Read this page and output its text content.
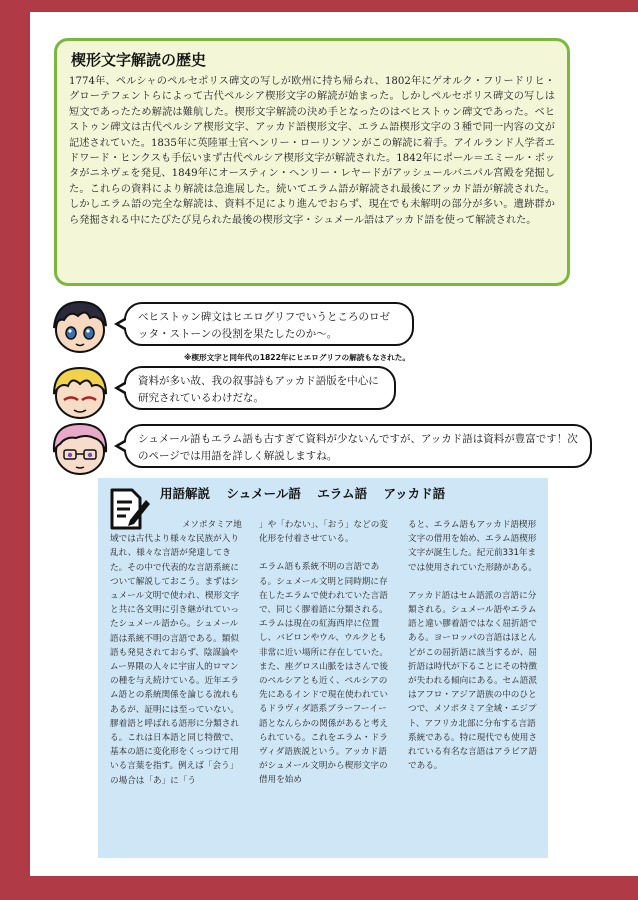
楔形文字解読の歴史
1774年、ペルシャのペルセポリス碑文の写しが欧州に持ち帰られ、1802年にゲオルク・フリードリヒ・グローテフェントらによって古代ペルシア楔形文字の解読が始まった。しかしペルセポリス碑文の写しは短文であったため解読は難航した。楔形文字解読の決め手となったのはベヒストゥン碑文であった。ベヒストゥン碑文は古代ペルシア楔形文字、アッカド語楔形文字、エラム語楔形文字の３種で同一内容の文が記述されていた。1835年に英陸軍士官ヘンリー・ローリンソンがこの解読に着手。アイルランド人学者エドワード・ヒンクスも手伝いまず古代ペルシア楔形文字が解読された。1842年にポール＝エミール・ボッタがニネヴェを発見、1849年にオースティン・ヘンリー・レヤードがアッシュールバニパル宮殿を発掘した。これらの資料により解読は急進展した。続いてエラム語が解読され最後にアッカド語が解読された。しかしエラム語の完全な解読は、資料不足により進んでおらず、現在でも未解明の部分が多い。遺跡群から発掘される中にたびたび見られた最後の楔形文字・シュメール語はアッカド語を使って解読された。
ベヒストゥン碑文はヒエログリフでいうところのロゼッタ・ストーンの役割を果たしたのか～。
※楔形文字と同年代の1822年にヒエログリフの解読もなされた。
資料が多い故、我の叙事詩もアッカド語版を中心に研究されているわけだな。
シュメール語もエラム語も古すぎて資料が少ないんですが、アッカド語は資料が豊富です！次のページでは用語を詳しく解説しますね。
用語解説 シュメール語 エラム語 アッカド語

メソポタミア地域では古代より様々な民族が入り乱れ、様々な言語が発達してきた。その中で代表的な言語系統について解説しておこう。まずはシュメール文明で使われ、楔形文字と共に各文明に引き継がれていったシュメール語から。シュメール語は系統不明の言語である。類似語も発見されておらず、陰謀論やムー界隈の人々に宇宙人的ロマンの種を与え続けている。近年エラム語との系統関係を論じる流れもあるが、証明には至っていない。膠着語と呼ばれる語形に分類される。これは日本語と同じ特徴で、基本の語に変化形をくっつけて用いる言葉を指す。例えば「会う」の場合は「あ」に「う

」や「わない」、「おう」などの変化形を付着させている。

エラム語も系統不明の言語である。シュメール文明と同時期に存在したエラムで使われていた言語で、同じく膠着語に分類される。エラムは現在の紅海西岸に位置し、バビロンやウル、ウルクとも非常に近い場所に存在していた。また、座グロス山脈をはさんで後のペルシアとも近く、ペルシアの先にあるインドで現在使われているドラヴィダ語系ブラーフーイー語となんらかの関係があると考えられている。これをエラム・ドラヴィダ語族説という。アッカド語がシュメール文明から楔形文字の借用を始め

ると、エラム語もアッカド語楔形文字の借用を始め、エラム語楔形文字が誕生した。紀元前331年までは使用されていた形跡がある。

アッカド語はセム語派の言語に分類される。シュメール語やエラム語と違い膠着語ではなく屈折語である。ヨーロッパの言語はほとんどがこの屈折語に該当するが、屈折語は時代が下ることにその特徴が失われる傾向にある。セム語派はアフロ・アジア語族の中のひとつで、メソポタミア全域・エジプト、アフリカ北部に分布する言語系統である。特に現代でも使用されている有名な言語はアラビア語である。
